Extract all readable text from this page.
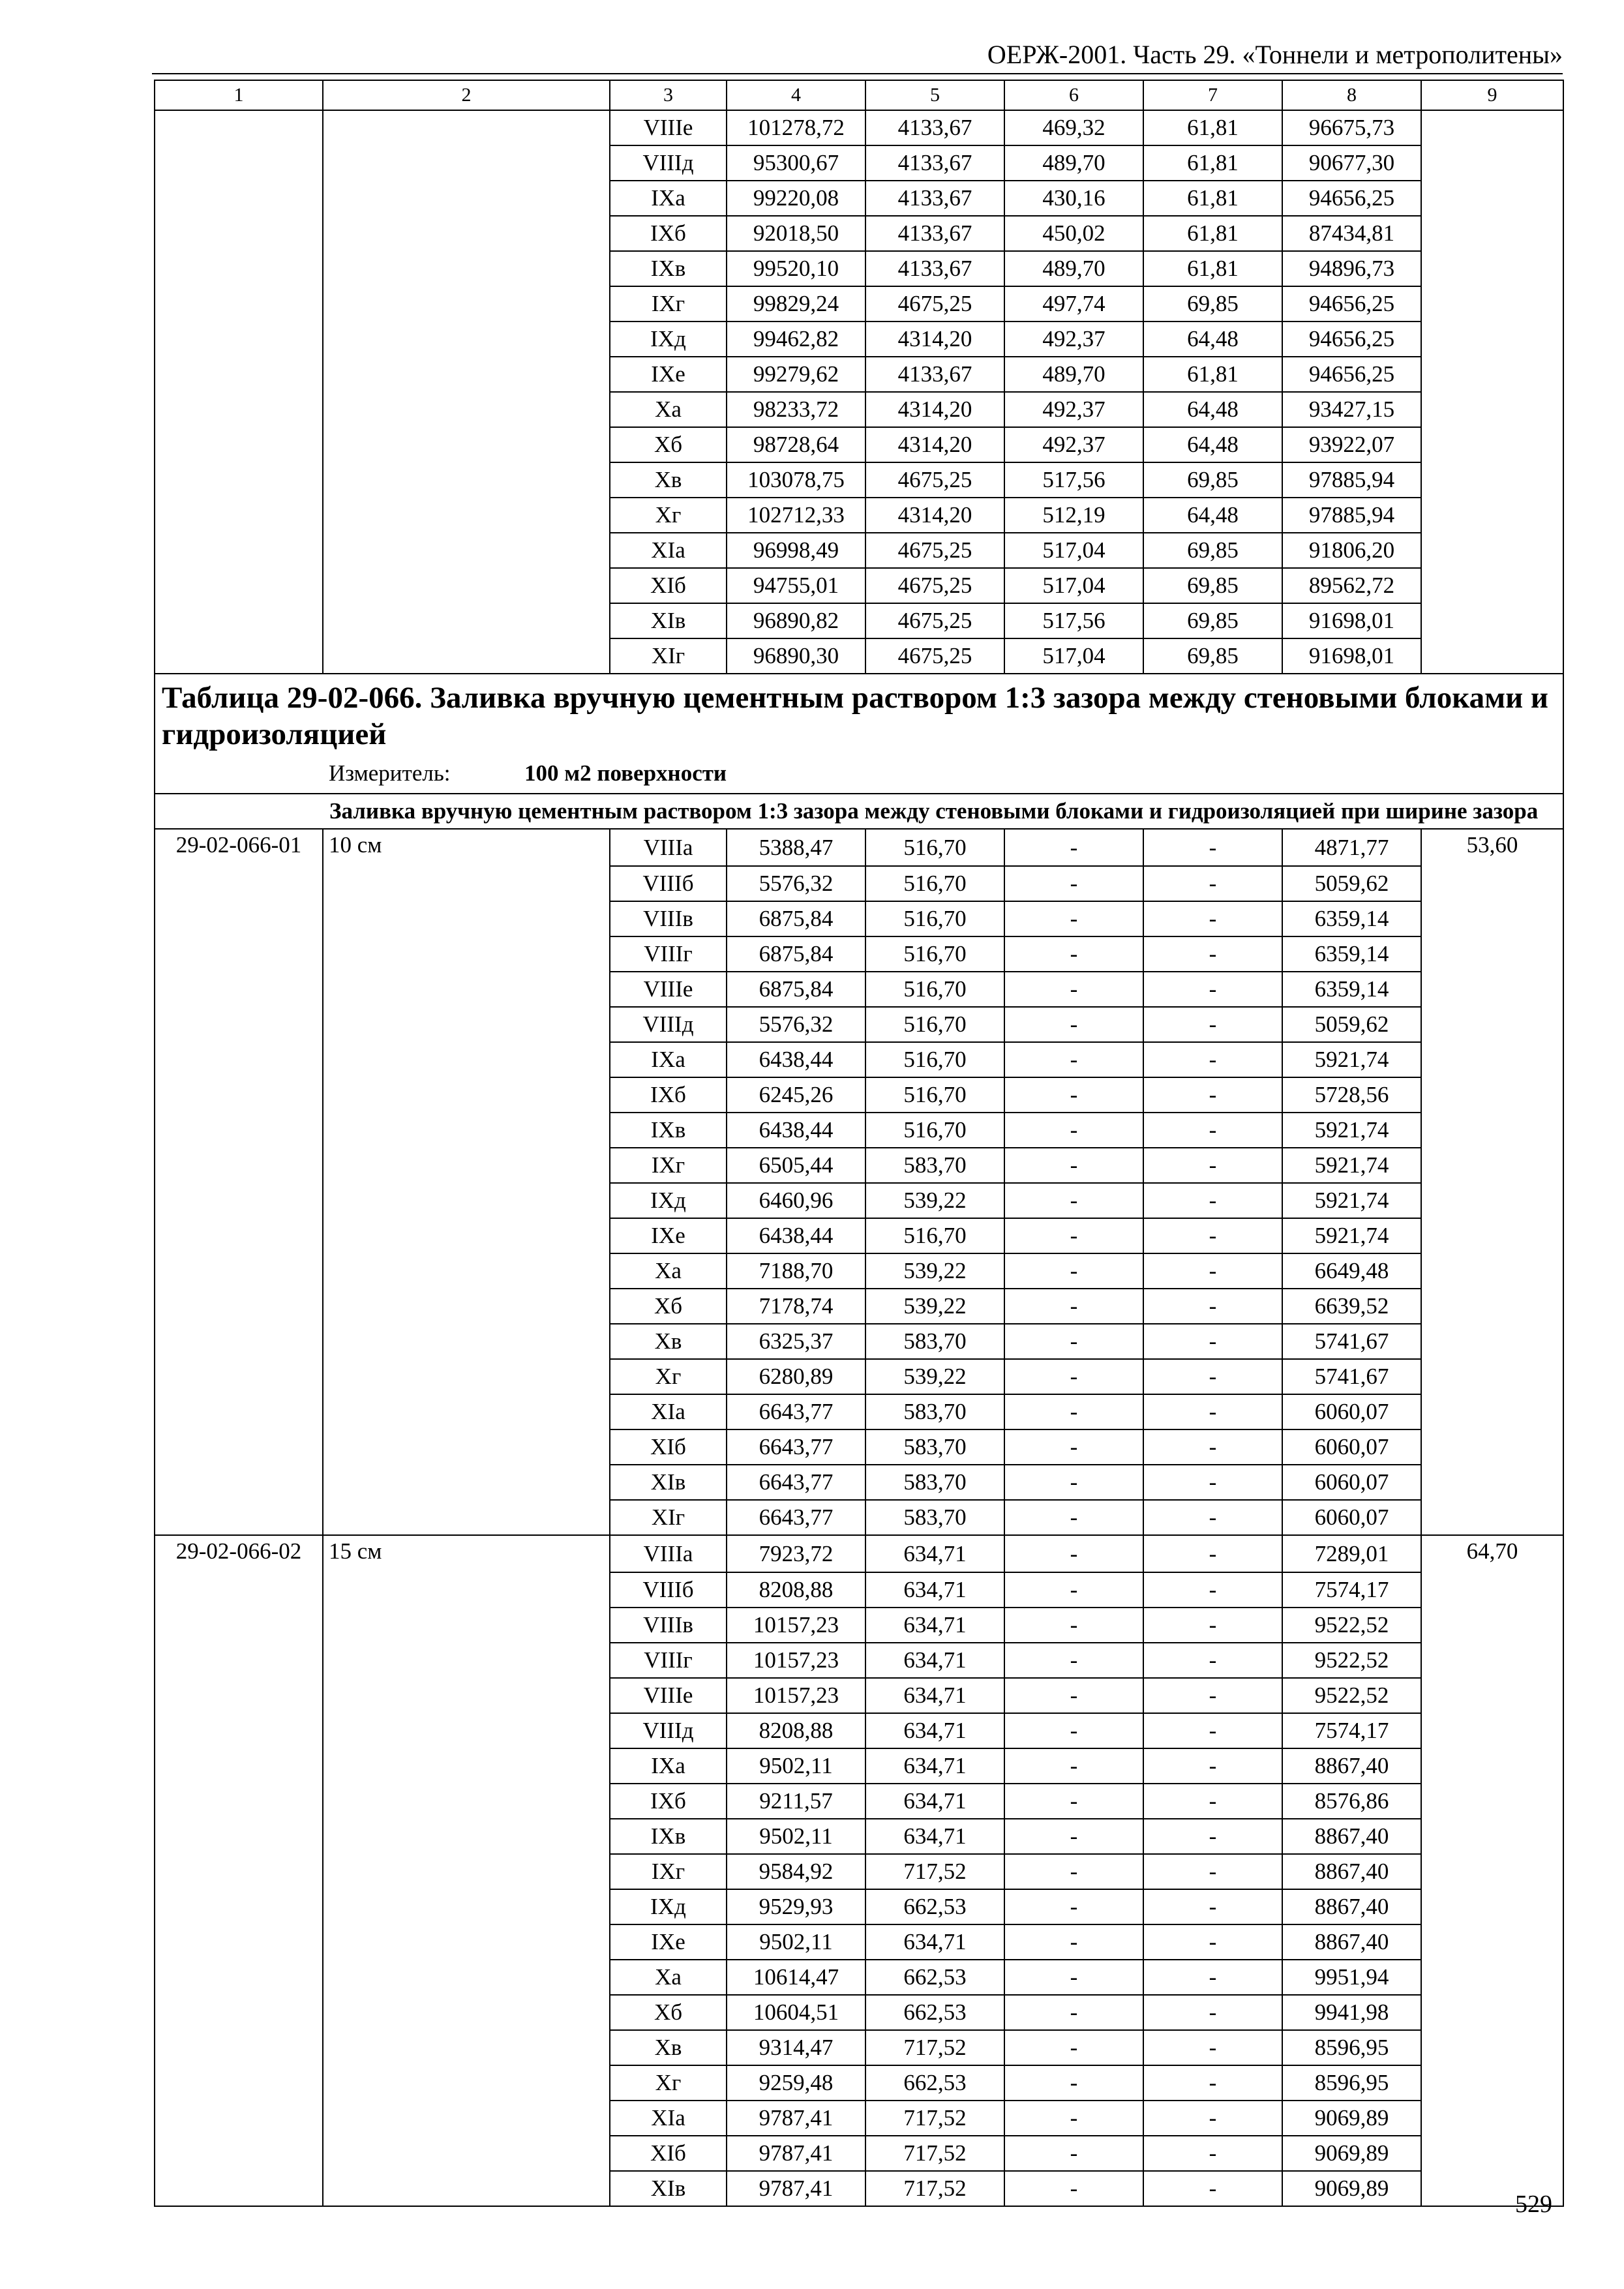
ОЕРЖ-2001. Часть 29. «Тоннели и метрополитены»
1	2	3	4	5	6	7	8	9
		VIIIе	101278,72	4133,67	469,32	61,81	96675,73	
		VIIIд	95300,67	4133,67	489,70	61,81	90677,30	
		IXа	99220,08	4133,67	430,16	61,81	94656,25	
		IXб	92018,50	4133,67	450,02	61,81	87434,81	
		IXв	99520,10	4133,67	489,70	61,81	94896,73	
		IXг	99829,24	4675,25	497,74	69,85	94656,25	
		IXд	99462,82	4314,20	492,37	64,48	94656,25	
		IXе	99279,62	4133,67	489,70	61,81	94656,25	
		Xа	98233,72	4314,20	492,37	64,48	93427,15	
		Xб	98728,64	4314,20	492,37	64,48	93922,07	
		Xв	103078,75	4675,25	517,56	69,85	97885,94	
		Xг	102712,33	4314,20	512,19	64,48	97885,94	
		XIа	96998,49	4675,25	517,04	69,85	91806,20	
		XIб	94755,01	4675,25	517,04	69,85	89562,72	
		XIв	96890,82	4675,25	517,56	69,85	91698,01	
		XIг	96890,30	4675,25	517,04	69,85	91698,01	

Таблица 29-02-066. Заливка вручную цементным раствором 1:3 зазора между стеновыми блоками и гидроизоляцией
Измеритель: 100 м2 поверхности								

Заливка вручную цементным раствором 1:3 зазора между стеновыми блоками и гидроизоляцией при ширине зазора								
29-02-066-01	10 см	VIIIа	5388,47	516,70	-	-	4871,77	53,60
		VIIIб	5576,32	516,70	-	-	5059,62	
		VIIIв	6875,84	516,70	-	-	6359,14	
		VIIIг	6875,84	516,70	-	-	6359,14	
		VIIIе	6875,84	516,70	-	-	6359,14	
		VIIIд	5576,32	516,70	-	-	5059,62	
		IXа	6438,44	516,70	-	-	5921,74	
		IXб	6245,26	516,70	-	-	5728,56	
		IXв	6438,44	516,70	-	-	5921,74	
		IXг	6505,44	583,70	-	-	5921,74	
		IXд	6460,96	539,22	-	-	5921,74	
		IXе	6438,44	516,70	-	-	5921,74	
		Xа	7188,70	539,22	-	-	6649,48	
		Xб	7178,74	539,22	-	-	6639,52	
		Xв	6325,37	583,70	-	-	5741,67	
		Xг	6280,89	539,22	-	-	5741,67	
		XIа	6643,77	583,70	-	-	6060,07	
		XIб	6643,77	583,70	-	-	6060,07	
		XIв	6643,77	583,70	-	-	6060,07	
		XIг	6643,77	583,70	-	-	6060,07	
29-02-066-02	15 см	VIIIа	7923,72	634,71	-	-	7289,01	64,70
		VIIIб	8208,88	634,71	-	-	7574,17	
		VIIIв	10157,23	634,71	-	-	9522,52	
		VIIIг	10157,23	634,71	-	-	9522,52	
		VIIIе	10157,23	634,71	-	-	9522,52	
		VIIIд	8208,88	634,71	-	-	7574,17	
		IXа	9502,11	634,71	-	-	8867,40	
		IXб	9211,57	634,71	-	-	8576,86	
		IXв	9502,11	634,71	-	-	8867,40	
		IXг	9584,92	717,52	-	-	8867,40	
		IXд	9529,93	662,53	-	-	8867,40	
		IXе	9502,11	634,71	-	-	8867,40	
		Xа	10614,47	662,53	-	-	9951,94	
		Xб	10604,51	662,53	-	-	9941,98	
		Xв	9314,47	717,52	-	-	8596,95	
		Xг	9259,48	662,53	-	-	8596,95	
		XIа	9787,41	717,52	-	-	9069,89	
		XIб	9787,41	717,52	-	-	9069,89	
		XIв	9787,41	717,52	-	-	9069,89	
529
